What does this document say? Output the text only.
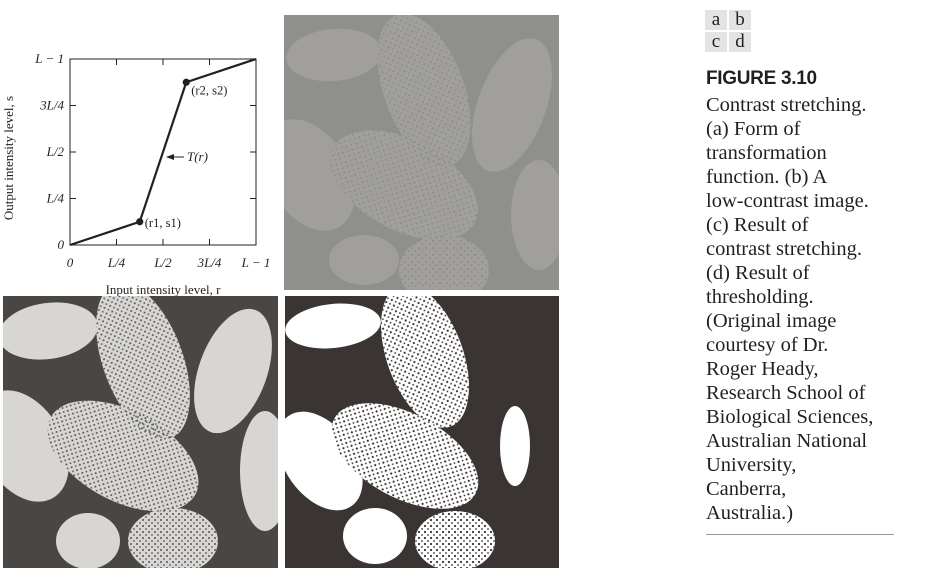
0
L/4
L/2
3L/4
L − 1
0	L/4 L/2 3L/4 L − 1
(r1, s1)
(r2, s2)
T(r)
Output intensity level, s
Input intensity level, r
a b
c d
FIGURE 3.10
Contrast stretching.
(a) Form of
transformation
function. (b) A
low-contrast image.
(c) Result of
contrast stretching.
(d) Result of
thresholding.
(Original image
courtesy of Dr.
Roger Heady,
Research School of
Biological Sciences,
Australian National
University,
Canberra,
Australia.)
